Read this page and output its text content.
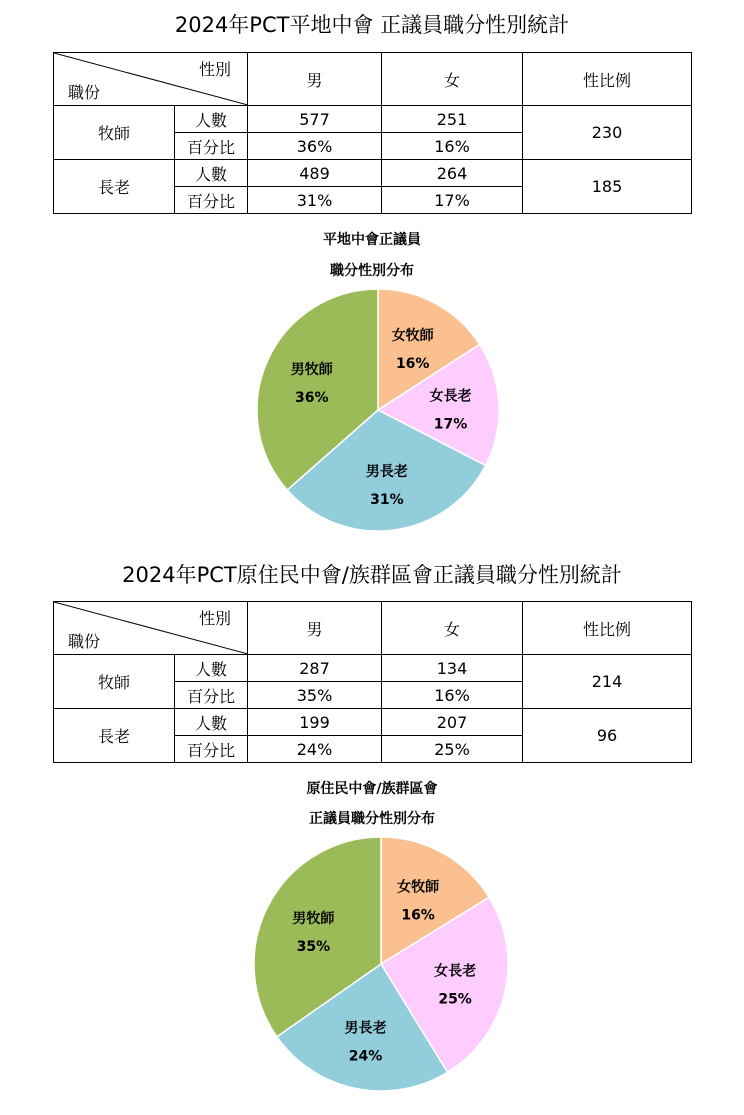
2024年PCT平地中會 正議員職分性別統計
性別
職份		男	女	性比例
牧師	人數	577	251	230
	百分比	36%	16%	
長老	人數	489	264	185
	百分比	31%	17%	
平地中會正議員
職分性別分布
女牧師
16%
女長老
17%
男長老
31%
男牧師
36%
2024年PCT原住民中會/族群區會正議員職分性別統計
性別
職份		男	女	性比例
牧師	人數	287	134	214
	百分比	35%	16%	
長老	人數	199	207	96
	百分比	24%	25%	
原住民中會/族群區會
正議員職分性別分布
女牧師
16%
女長老
25%
男長老
24%
男牧師
35%
